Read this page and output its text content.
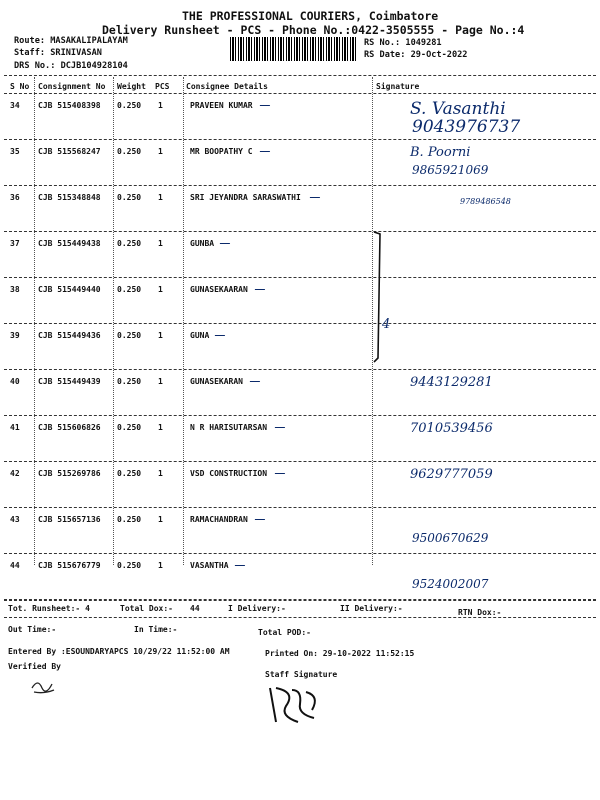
THE PROFESSIONAL COURIERS, Coimbatore
Delivery Runsheet - PCS - Phone No.:0422-3505555 - Page No.:4
Route: MASAKALIPALAYAM
Staff: SRINIVASAN
DRS No.: DCJB104928104
RS No.: 1049281
RS Date: 29-Oct-2022
S No Consignment No Weight PCS Consignee Details	Signature
34 CJB 515408398 0.250 1	PRAVEEN KUMAR	S. Vasanthi
9043976737
35 CJB 515568247 0.250 1	MR BOOPATHY C	B. Poorni
9865921069
36 CJB 515348848 0.250 1	SRI JEYANDRA SARASWATHI	9789486548
37 CJB 515449438 0.250 1	GUNBA
38 CJB 515449440 0.250 1	GUNASEKAARAN
39 CJB 515449436 0.250 1	GUNA
4
40 CJB 515449439 0.250 1	GUNASEKARAN	9443129281
41 CJB 515606826 0.250 1	N R HARISUTARSAN	7010539456
42 CJB 515269786 0.250 1	VSD CONSTRUCTION	9629777059
43 CJB 515657136 0.250 1	RAMACHANDRAN
9500670629
44 CJB 515676779 0.250 1	VASANTHA
9524002007
Tot. Runsheet:- 4	Total Dox:- 44	I Delivery:-	II Delivery:-	RTN Dox:-
Out Time:-	In Time:-	Total POD:-
Entered By :ESOUNDARYAPCS 10/29/22 11:52:00 AM	Printed On: 29-10-2022 11:52:15
Verified By
Staff Signature
